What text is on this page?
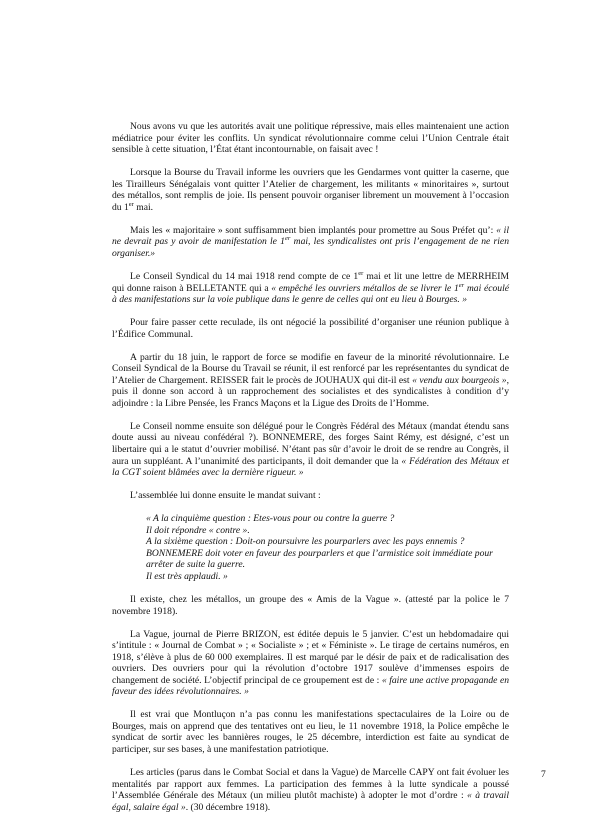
Nous avons vu que les autorités avait une politique répressive, mais elles maintenaient une action médiatrice pour éviter les conflits. Un syndicat révolutionnaire comme celui l’Union Centrale était sensible à cette situation, l’État étant incontournable, on faisait avec !

Lorsque la Bourse du Travail informe les ouvriers que les Gendarmes vont quitter la caserne, que les Tirailleurs Sénégalais vont quitter l’Atelier de chargement, les militants « minoritaires », surtout des métallos, sont remplis de joie. Ils pensent pouvoir organiser librement un mouvement à l’occasion du 1er mai.

Mais les « majoritaire » sont suffisamment bien implantés pour promettre au Sous Préfet qu’: « il ne devrait pas y avoir de manifestation le 1er mai, les syndicalistes ont pris l’engagement de ne rien organiser.»

Le Conseil Syndical du 14 mai 1918 rend compte de ce 1er mai et lit une lettre de MERRHEIM qui donne raison à BELLETANTE qui a « empêché les ouvriers métallos de se livrer le 1er mai écoulé à des manifestations sur la voie publique dans le genre de celles qui ont eu lieu à Bourges. »

Pour faire passer cette reculade, ils ont négocié la possibilité d’organiser une réunion publique à l’Édifice Communal.

A partir du 18 juin, le rapport de force se modifie en faveur de la minorité révolutionnaire. Le Conseil Syndical de la Bourse du Travail se réunit, il est renforcé par les représentantes du syndicat de l’Atelier de Chargement. REISSER fait le procès de JOUHAUX qui dit-il est « vendu aux bourgeois », puis il donne son accord à un rapprochement des socialistes et des syndicalistes à condition d’y adjoindre : la Libre Pensée, les Francs Maçons et la Ligue des Droits de l’Homme.

Le Conseil nomme ensuite son délégué pour le Congrès Fédéral des Métaux (mandat étendu sans doute aussi au niveau confédéral ?). BONNEMERE, des forges Saint Rémy, est désigné, c’est un libertaire qui a le statut d’ouvrier mobilisé. N’étant pas sûr d’avoir le droit de se rendre au Congrès, il aura un suppléant. A l’unanimité des participants, il doit demander que la « Fédération des Métaux et la CGT soient blâmées avec la dernière rigueur. »

L’assemblée lui donne ensuite le mandat suivant :

« A la cinquième question : Etes-vous pour ou contre la guerre ?
Il doit répondre « contre ».
A la sixième question : Doit-on poursuivre les pourparlers avec les pays ennemis ?
BONNEMERE doit voter en faveur des pourparlers et que l’armistice soit immédiate pour arrêter de suite la guerre.
Il est très applaudi. »

Il existe, chez les métallos, un groupe des « Amis de la Vague ». (attesté par la police le 7 novembre 1918).

La Vague, journal de Pierre BRIZON, est éditée depuis le 5 janvier. C’est un hebdomadaire qui s’intitule : « Journal de Combat » ; « Socialiste » ; et « Féministe ». Le tirage de certains numéros, en 1918, s’élève à plus de 60 000 exemplaires. Il est marqué par le désir de paix et de radicalisation des ouvriers. Des ouvriers pour qui la révolution d’octobre 1917 soulève d’immenses espoirs de changement de société. L’objectif principal de ce groupement est de : « faire une active propagande en faveur des idées révolutionnaires. »

Il est vrai que Montluçon n’a pas connu les manifestations spectaculaires de la Loire ou de Bourges, mais on apprend que des tentatives ont eu lieu, le 11 novembre 1918, la Police empêche le syndicat de sortir avec les bannières rouges, le 25 décembre, interdiction est faite au syndicat de participer, sur ses bases, à une manifestation patriotique.

Les articles (parus dans le Combat Social et dans la Vague) de Marcelle CAPY ont fait évoluer les mentalités par rapport aux femmes. La participation des femmes à la lutte syndicale a poussé l’Assemblée Générale des Métaux (un milieu plutôt machiste) à adopter le mot d’ordre : « à travail égal, salaire égal ». (30 décembre 1918).

7
